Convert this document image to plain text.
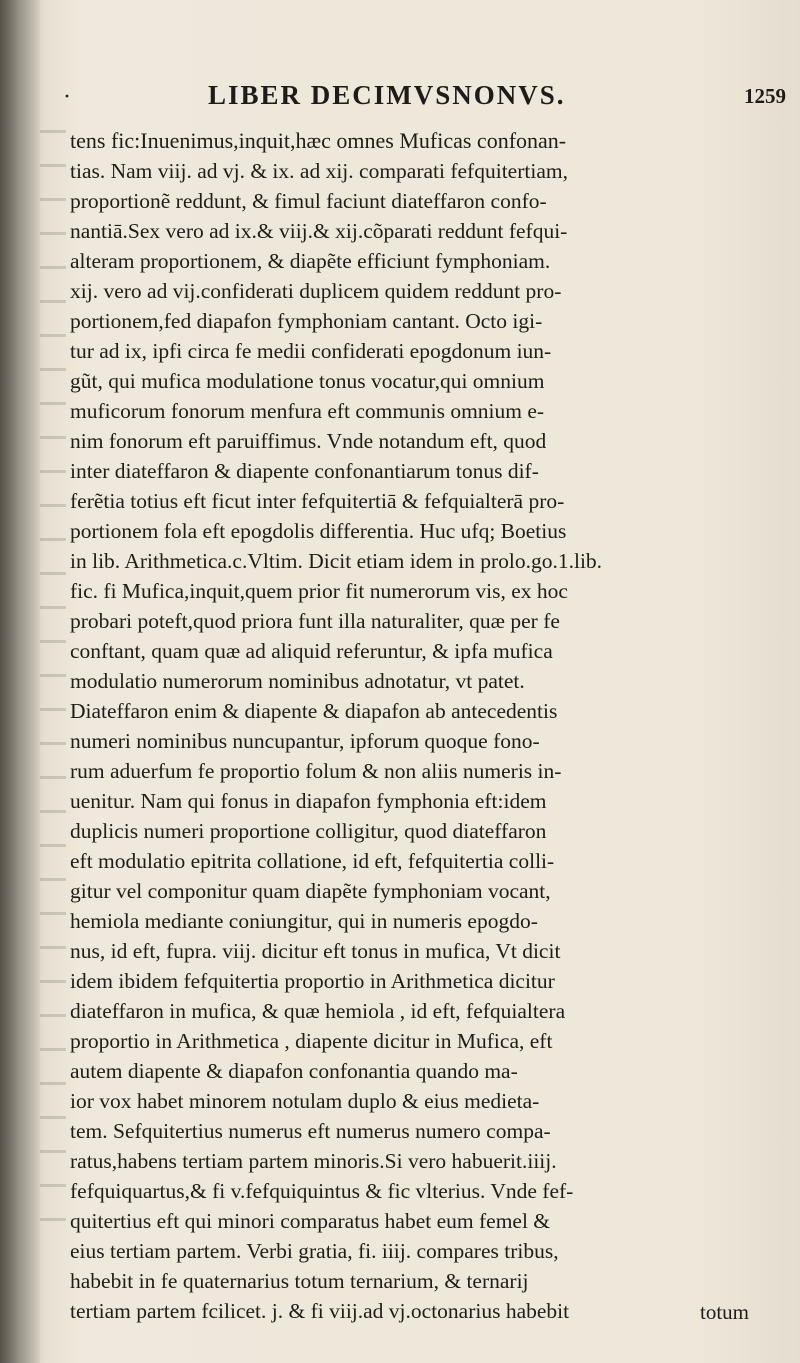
·	LIBER DECIMVSNONVS.	1259
tens fic:Inuenimus,inquit,hæc omnes Muficas confonan-
tias. Nam viij. ad vj. & ix. ad xij. comparati fefquitertiam,
proportionẽ reddunt, & fimul faciunt diateffaron confo-
nantiā.Sex vero ad ix.& viij.& xij.cõparati reddunt fefqui-
alteram proportionem, & diapẽte efficiunt fymphoniam.
xij. vero ad vij.confiderati duplicem quidem reddunt pro-
portionem,fed diapafon fymphoniam cantant. Octo igi-
tur ad ix, ipfi circa fe medii confiderati epogdonum iun-
gũt, qui mufica modulatione tonus vocatur,qui omnium
muficorum fonorum menfura eft communis omnium e-
nim fonorum eft paruiffimus. Vnde notandum eft, quod
inter diateffaron & diapente confonantiarum tonus dif-
ferẽtia totius eft ficut inter fefquitertiā & fefquialterā pro-
portionem fola eft epogdolis differentia. Huc ufq; Boetius
in lib. Arithmetica.c.Vltim. Dicit etiam idem in prolo.go.1.lib.
fic. fi Mufica,inquit,quem prior fit numerorum vis, ex hoc
probari poteft,quod priora funt illa naturaliter, quæ per fe
conftant, quam quæ ad aliquid referuntur, & ipfa mufica
modulatio numerorum nominibus adnotatur, vt patet.
Diateffaron enim & diapente & diapafon ab antecedentis
numeri nominibus nuncupantur, ipforum quoque fono-
rum aduerfum fe proportio folum & non aliis numeris in-
uenitur. Nam qui fonus in diapafon fymphonia eft:idem
duplicis numeri proportione colligitur, quod diateffaron
eft modulatio epitrita collatione, id eft, fefquitertia colli-
gitur vel componitur quam diapẽte fymphoniam vocant,
hemiola mediante coniungitur, qui in numeris epogdo-
nus, id eft, fupra. viij. dicitur eft tonus in mufica, Vt dicit
idem ibidem fefquitertia proportio in Arithmetica dicitur
diateffaron in mufica, & quæ hemiola , id eft, fefquialtera
proportio in Arithmetica , diapente dicitur in Mufica, eft
autem diapente & diapafon confonantia quando ma-
ior vox habet minorem notulam duplo & eius medieta-
tem. Sefquitertius numerus eft numerus numero compa-
ratus,habens tertiam partem minoris.Si vero habuerit.iiij.
fefquiquartus,& fi v.fefquiquintus & fic vlterius. Vnde fef-
quitertius eft qui minori comparatus habet eum femel &
eius tertiam partem. Verbi gratia, fi. iiij. compares tribus,
habebit in fe quaternarius totum ternarium, & ternarij
tertiam partem fcilicet. j. & fi viij.ad vj.octonarius habebit	totum
